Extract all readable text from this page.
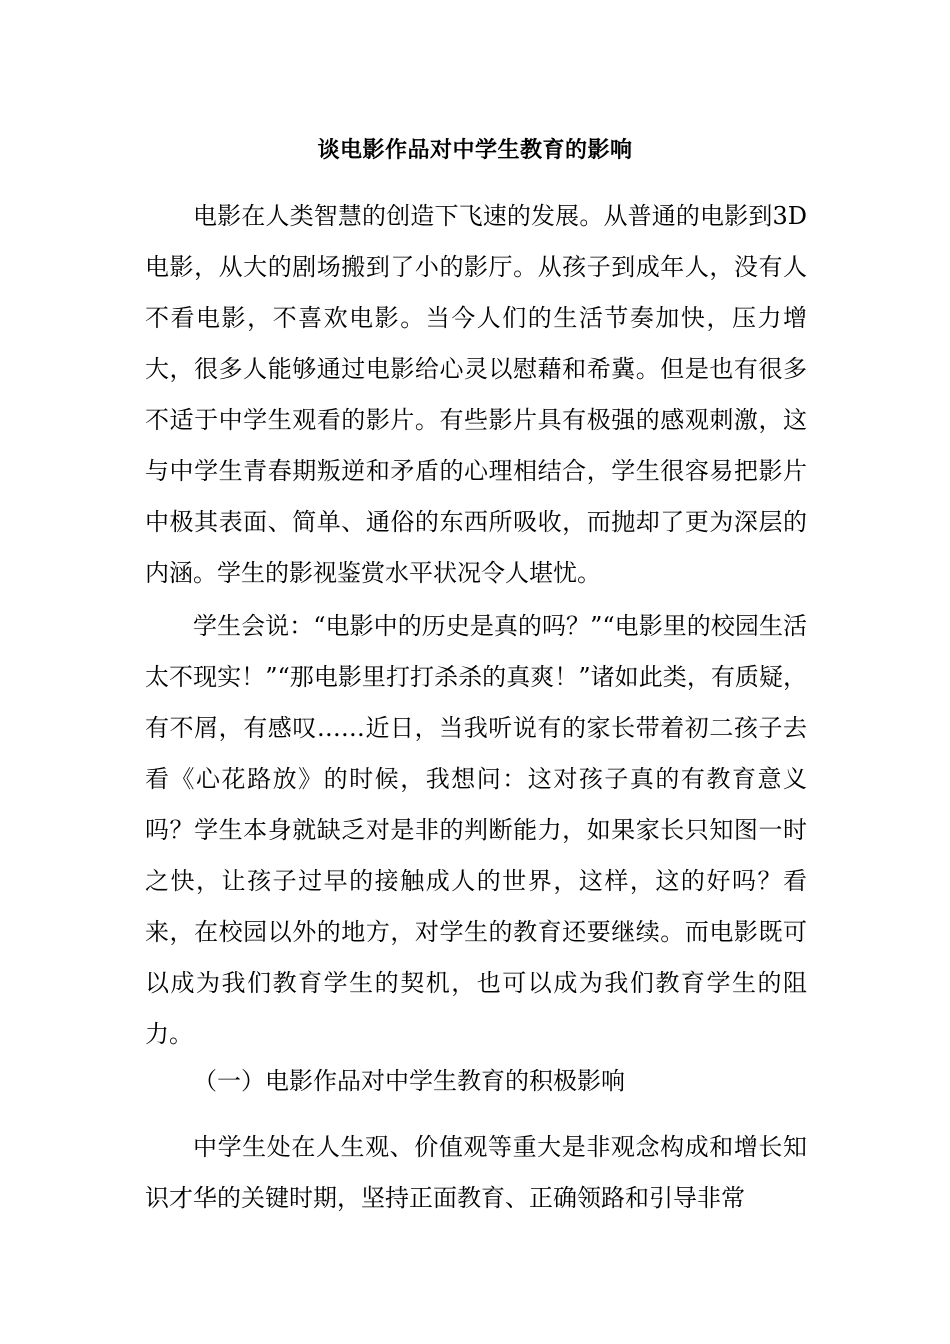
谈电影作品对中学生教育的影响

电影在人类智慧的创造下飞速的发展。从普通的电影到3D电影，从大的剧场搬到了小的影厅。从孩子到成年人，没有人不看电影，不喜欢电影。当今人们的生活节奏加快，压力增大，很多人能够通过电影给心灵以慰藉和希冀。但是也有很多不适于中学生观看的影片。有些影片具有极强的感观刺激，这与中学生青春期叛逆和矛盾的心理相结合，学生很容易把影片中极其表面、简单、通俗的东西所吸收，而抛却了更为深层的内涵。学生的影视鉴赏水平状况令人堪忧。

学生会说：“电影中的历史是真的吗？”“电影里的校园生活太不现实！”“那电影里打打杀杀的真爽！”诸如此类，有质疑，有不屑，有感叹……近日，当我听说有的家长带着初二孩子去看《心花路放》的时候，我想问：这对孩子真的有教育意义吗？学生本身就缺乏对是非的判断能力，如果家长只知图一时之快，让孩子过早的接触成人的世界，这样，这的好吗？看来，在校园以外的地方，对学生的教育还要继续。而电影既可以成为我们教育学生的契机，也可以成为我们教育学生的阻力。

（一）电影作品对中学生教育的积极影响

中学生处在人生观、价值观等重大是非观念构成和增长知识才华的关键时期，坚持正面教育、正确领路和引导非常
